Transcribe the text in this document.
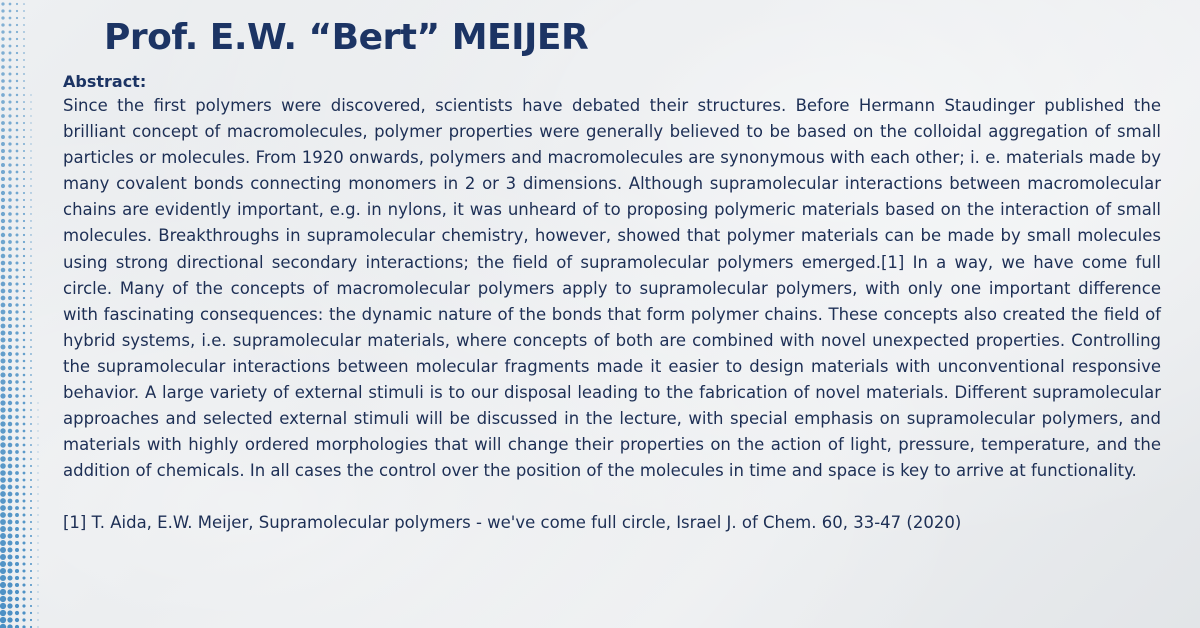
Prof. E.W. “Bert” MEIJER
Abstract:

Since the first polymers were discovered, scientists have debated their structures. Before Hermann Staudinger published the brilliant concept of macromolecules, polymer properties were generally believed to be based on the colloidal aggregation of small particles or molecules. From 1920 onwards, polymers and macromolecules are synonymous with each other; i. e. materials made by many covalent bonds connecting monomers in 2 or 3 dimensions. Although supramolecular interactions between macromolecular chains are evidently important, e.g. in nylons, it was unheard of to proposing polymeric materials based on the interaction of small molecules. Breakthroughs in supramolecular chemistry, however, showed that polymer materials can be made by small molecules using strong directional secondary interactions; the field of supramolecular polymers emerged.[1] In a way, we have come full circle. Many of the concepts of macromolecular polymers apply to supramolecular polymers, with only one important difference with fascinating consequences: the dynamic nature of the bonds that form polymer chains. These concepts also created the field of hybrid systems, i.e. supramolecular materials, where concepts of both are combined with novel unexpected properties. Controlling the supramolecular interactions between molecular fragments made it easier to design materials with unconventional responsive behavior. A large variety of external stimuli is to our disposal leading to the fabrication of novel materials. Different supramolecular approaches and selected external stimuli will be discussed in the lecture, with special emphasis on supramolecular polymers, and materials with highly ordered morphologies that will change their properties on the action of light, pressure, temperature, and the addition of chemicals. In all cases the control over the position of the molecules in time and space is key to arrive at functionality.

[1] T. Aida, E.W. Meijer, Supramolecular polymers - we've come full circle, Israel J. of Chem. 60, 33-47 (2020)
